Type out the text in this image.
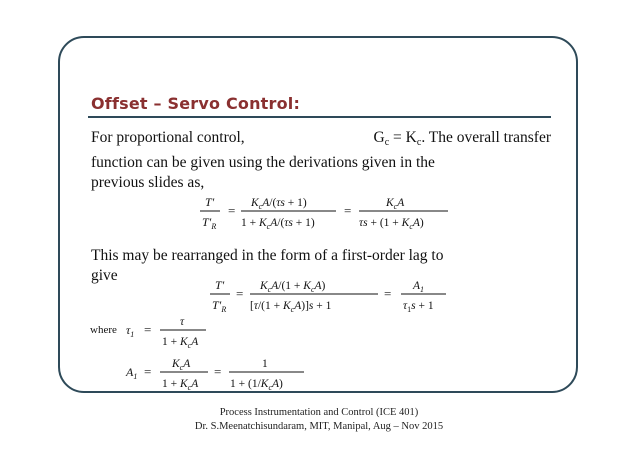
Offset – Servo Control:
For proportional control,	$G_c = K_c$. The overall transfer
function can be given using the derivations given in the
previous slides as,
T′
$T'_R$
= $K_cA/(\tau s + 1)$
$1 + K_cA/(\tau s + 1)$
=	$K_cA$
$\tau s + (1 + K_cA)$
This may be rearranged in the form of a first-order lag to
give
T′
$T'_R$
= $K_cA/(1 + K_cA)$
$[\tau/(1 + K_cA)]s + 1$
= $A_1$
$\tau_1s + 1$
where $\tau_1 = \tau$
$1 + K_cA$
$A_1 = K_cA$
$1 + K_cA$
=	1
$1 + (1/K_cA)$
Process Instrumentation and Control (ICE 401)
Dr. S.Meenatchisundaram, MIT, Manipal, Aug – Nov 2015
